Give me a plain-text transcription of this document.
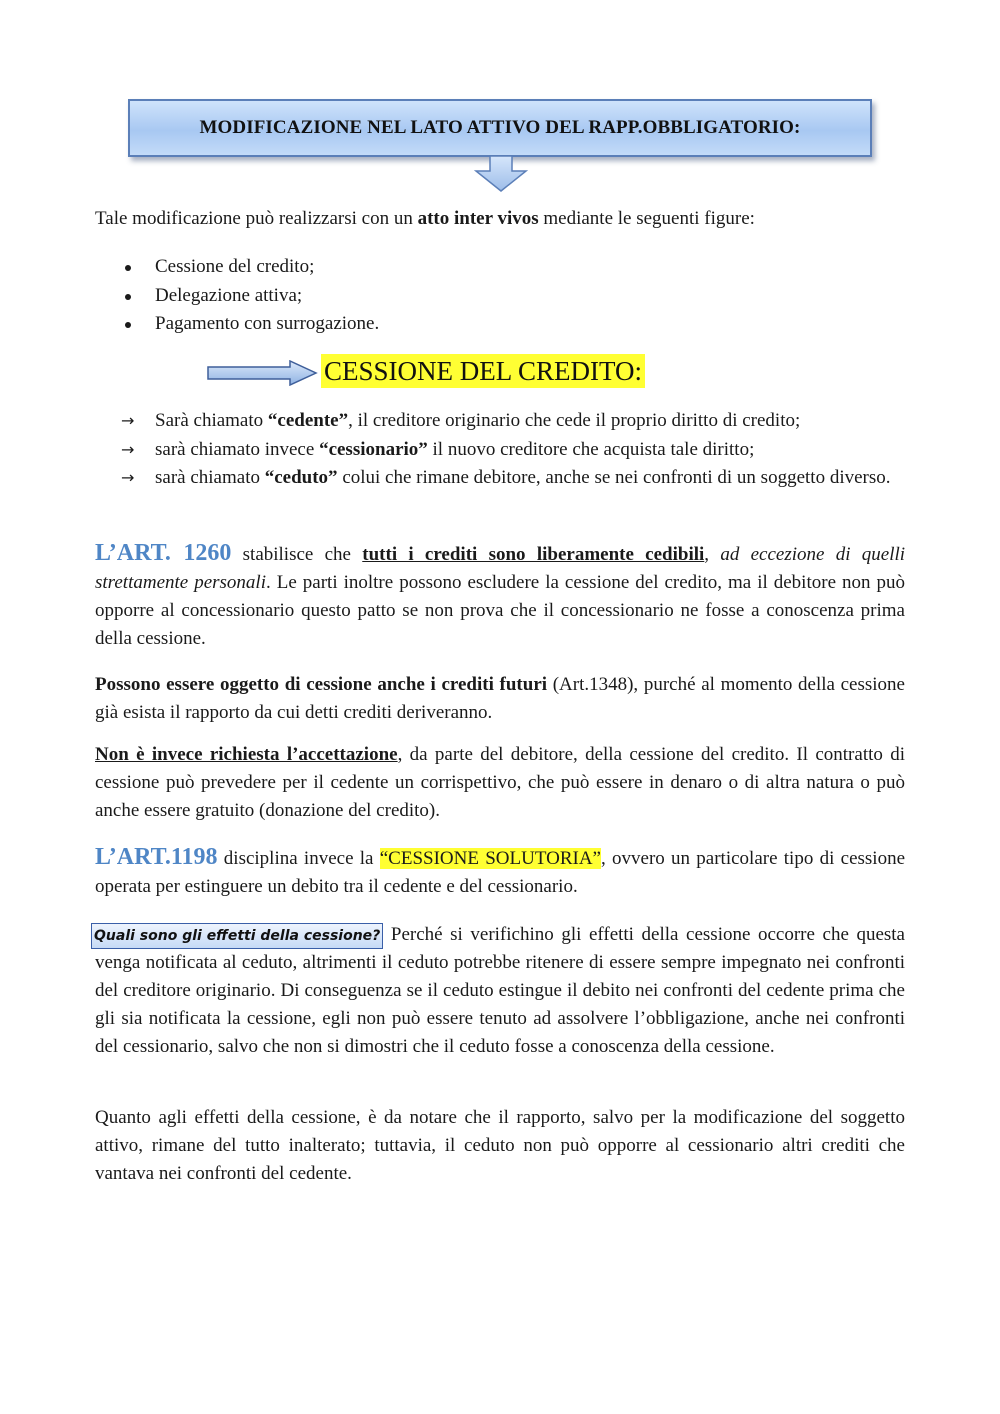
MODIFICAZIONE NEL LATO ATTIVO DEL RAPP.OBBLIGATORIO:

Tale modificazione può realizzarsi con un atto inter vivos mediante le seguenti figure:

Cessione del credito;
Delegazione attiva;
Pagamento con surrogazione.
CESSIONE DEL CREDITO:
→ Sarà chiamato “cedente”, il creditore originario che cede il proprio diritto di credito;
→ sarà chiamato invece “cessionario” il nuovo creditore che acquista tale diritto;
→ sarà chiamato “ceduto” colui che rimane debitore, anche se nei confronti di un soggetto diverso.

L’ART. 1260 stabilisce che tutti i crediti sono liberamente cedibili, ad eccezione di quelli strettamente personali. Le parti inoltre possono escludere la cessione del credito, ma il debitore non può opporre al concessionario questo patto se non prova che il concessionario ne fosse a conoscenza prima della cessione.

Possono essere oggetto di cessione anche i crediti futuri (Art.1348), purché al momento della cessione già esista il rapporto da cui detti crediti deriveranno.

Non è invece richiesta l’accettazione, da parte del debitore, della cessione del credito. Il contratto di cessione può prevedere per il cedente un corrispettivo, che può essere in denaro o di altra natura o può anche essere gratuito (donazione del credito).

L’ART.1198 disciplina invece la “CESSIONE SOLUTORIA”, ovvero un particolare tipo di cessione operata per estinguere un debito tra il cedente e del cessionario.

Quali sono gli effetti della cessione? Perché si verifichino gli effetti della cessione occorre che questa venga notificata al ceduto, altrimenti il ceduto potrebbe ritenere di essere sempre impegnato nei confronti del creditore originario. Di conseguenza se il ceduto estingue il debito nei confronti del cedente prima che gli sia notificata la cessione, egli non può essere tenuto ad assolvere l’obbligazione, anche nei confronti del cessionario, salvo che non si dimostri che il ceduto fosse a conoscenza della cessione.

Quanto agli effetti della cessione, è da notare che il rapporto, salvo per la modificazione del soggetto attivo, rimane del tutto inalterato; tuttavia, il ceduto non può opporre al cessionario altri crediti che vantava nei confronti del cedente.
